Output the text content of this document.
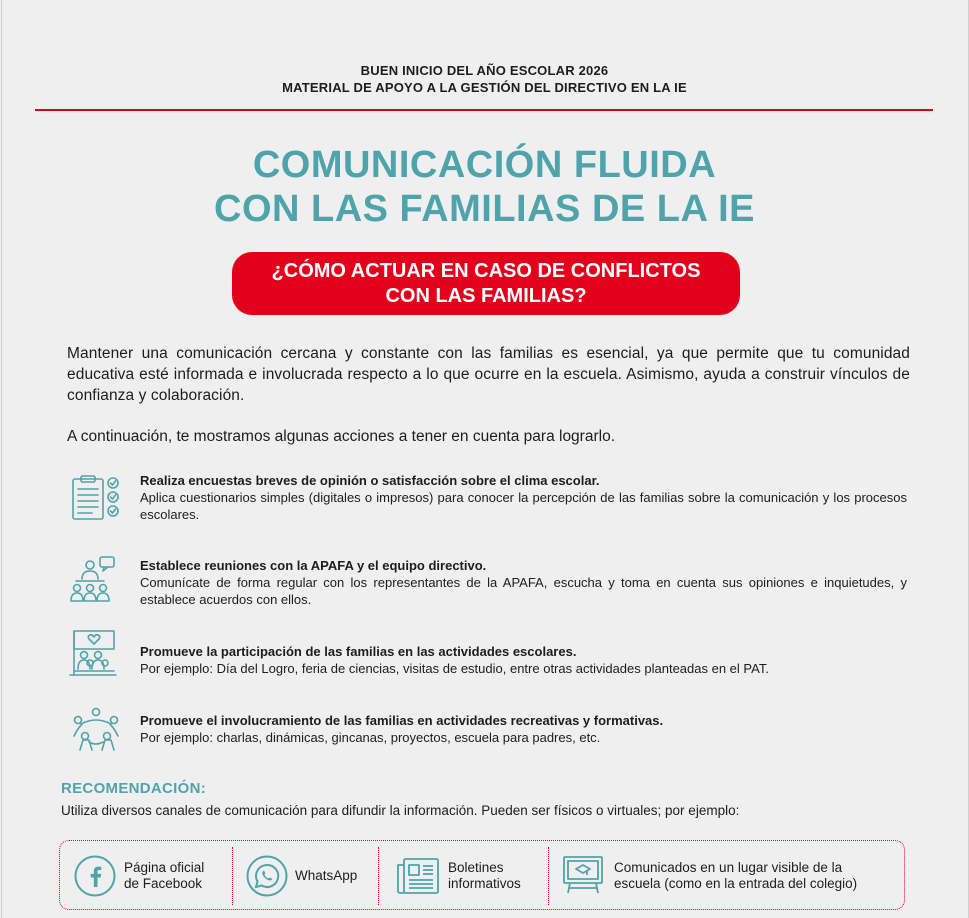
BUEN INICIO DEL AÑO ESCOLAR 2026
MATERIAL DE APOYO A LA GESTIÓN DEL DIRECTIVO EN LA IE
COMUNICACIÓN FLUIDA
CON LAS FAMILIAS DE LA IE
¿CÓMO ACTUAR EN CASO DE CONFLICTOS
CON LAS FAMILIAS?
Mantener una comunicación cercana y constante con las familias es esencial, ya que permite que tu comunidad educativa esté informada e involucrada respecto a lo que ocurre en la escuela. Asimismo, ayuda a construir vínculos de confianza y colaboración.
A continuación, te mostramos algunas acciones a tener en cuenta para lograrlo.
Realiza encuestas breves de opinión o satisfacción sobre el clima escolar.
Aplica cuestionarios simples (digitales o impresos) para conocer la percepción de las familias sobre la comunicación y los procesos escolares.
Establece reuniones con la APAFA y el equipo directivo.
Comunícate de forma regular con los representantes de la APAFA, escucha y toma en cuenta sus opiniones e inquietudes, y establece acuerdos con ellos.
Promueve la participación de las familias en las actividades escolares.
Por ejemplo: Día del Logro, feria de ciencias, visitas de estudio, entre otras actividades planteadas en el PAT.
Promueve el involucramiento de las familias en actividades recreativas y formativas.
Por ejemplo: charlas, dinámicas, gincanas, proyectos, escuela para padres, etc.
RECOMENDACIÓN:
Utiliza diversos canales de comunicación para difundir la información. Pueden ser físicos o virtuales; por ejemplo:
Página oficial
de Facebook
WhatsApp
Boletines
informativos
Comunicados en un lugar visible de la
escuela (como en la entrada del colegio)
